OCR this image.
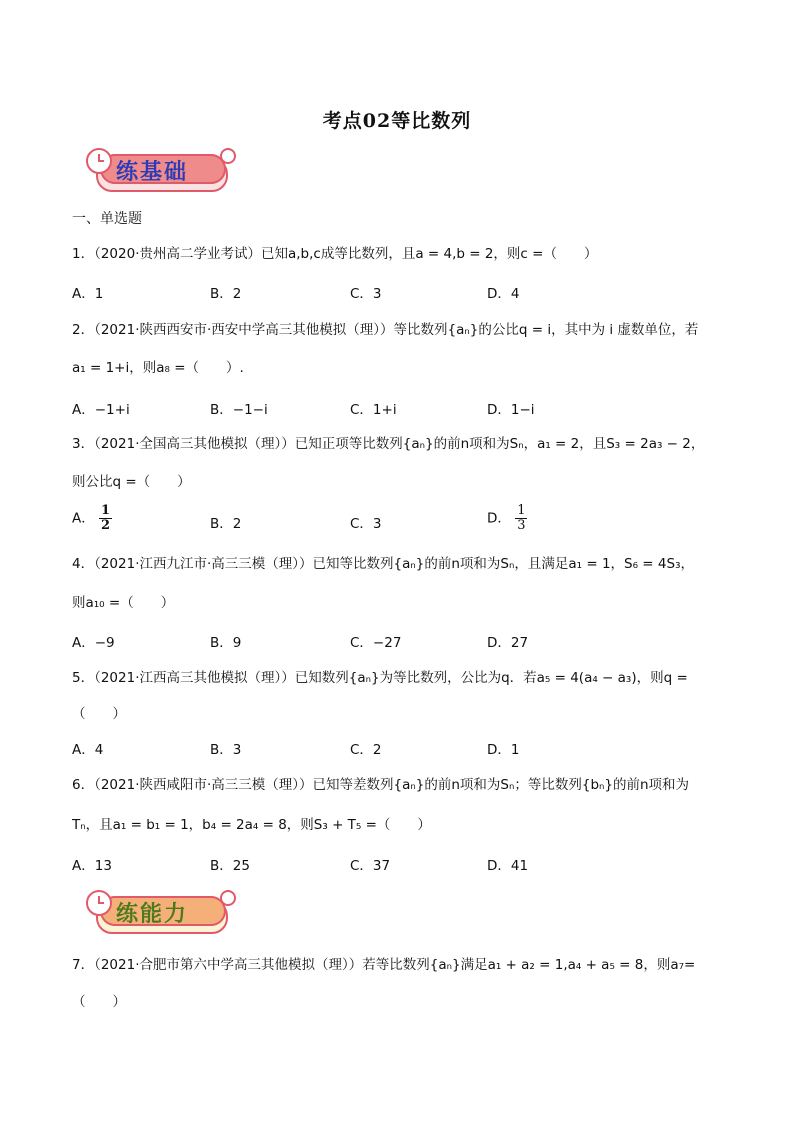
考点02等比数列
练基础
一、单选题
1．（2020·贵州高二学业考试）已知a,b,c成等比数列，且a = 4,b = 2，则c =（　　）
A．1	B．2	C．3	D．4
2．（2021·陕西西安市·西安中学高三其他模拟（理））等比数列{aₙ}的公比q = i，其中为 i 虚数单位，若
a₁ = 1+i，则a₈ =（　　）.
A．−1+i	B．−1−i	C．1+i	D．1−i
3．（2021·全国高三其他模拟（理））已知正项等比数列{aₙ}的前n项和为Sₙ，a₁ = 2，且S₃ = 2a₃ − 2，
则公比q =（　　）
A． $\frac{1}{2}$	B．2	C．3	D． $\frac{1}{3}$
4．（2021·江西九江市·高三三模（理））已知等比数列{aₙ}的前n项和为Sₙ，且满足a₁ = 1，S₆ = 4S₃，
则a₁₀ =（　　）
A．−9	B．9	C．−27	D．27
5．（2021·江西高三其他模拟（理））已知数列{aₙ}为等比数列，公比为q．若a₅ = 4(a₄ − a₃)，则q =
（　　）
A．4	B．3	C．2	D．1
6．（2021·陕西咸阳市·高三三模（理））已知等差数列{aₙ}的前n项和为Sₙ；等比数列{bₙ}的前n项和为
Tₙ，且a₁ = b₁ = 1，b₄ = 2a₄ = 8，则S₃ + T₅ =（　　）
A．13	B．25	C．37	D．41
练能力
7．（2021·合肥市第六中学高三其他模拟（理））若等比数列{aₙ}满足a₁ + a₂ = 1,a₄ + a₅ = 8，则a₇=
（　　）
